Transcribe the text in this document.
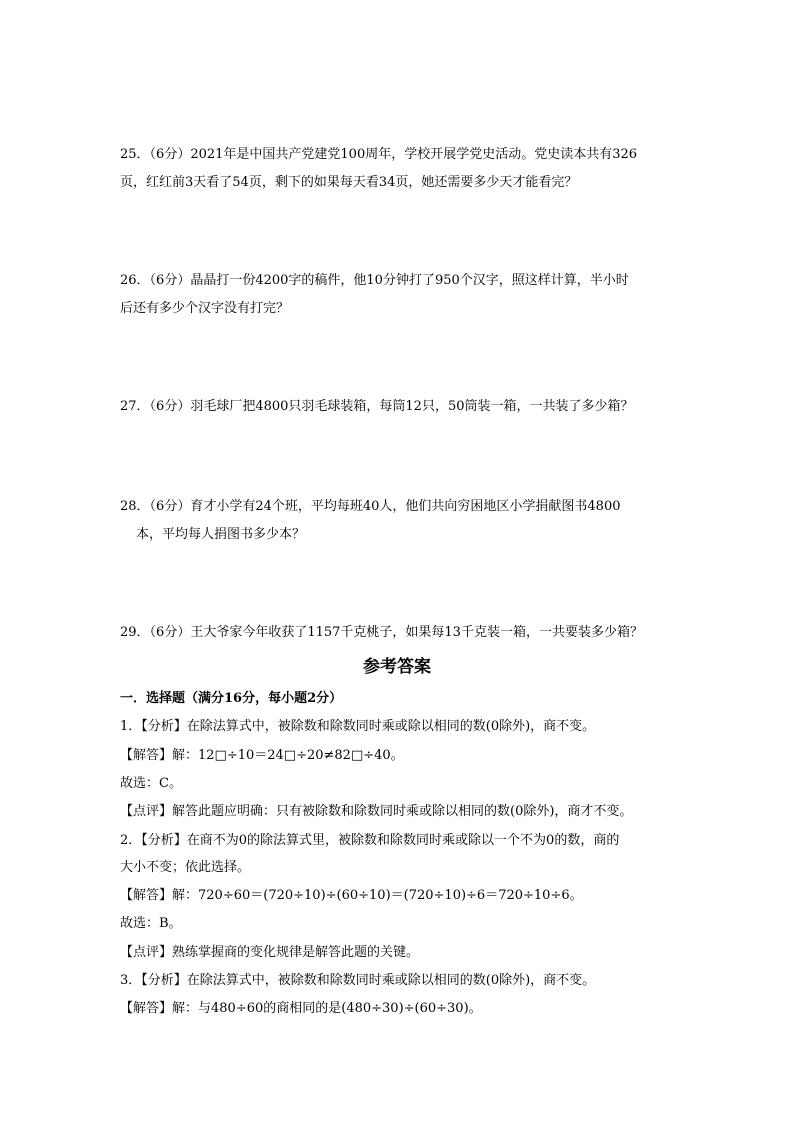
25．（6分）2021年是中国共产党建党100周年，学校开展学党史活动。党史读本共有326
页，红红前3天看了54页，剩下的如果每天看34页，她还需要多少天才能看完？
26．（6分）晶晶打一份4200字的稿件，他10分钟打了950个汉字，照这样计算，半小时
后还有多少个汉字没有打完？
27．（6分）羽毛球厂把4800只羽毛球装箱，每筒12只，50筒装一箱，一共装了多少箱？
28．（6分）育才小学有24个班，平均每班40人，他们共向穷困地区小学捐献图书4800
本，平均每人捐图书多少本？
29．（6分）王大爷家今年收获了1157千克桃子，如果每13千克装一箱，一共要装多少箱？
参考答案
一．选择题（满分16分，每小题2分）
1．【分析】在除法算式中，被除数和除数同时乘或除以相同的数(0除外)，商不变。
【解答】解：12□÷10＝24□÷20≠82□÷40。
故选：C。
【点评】解答此题应明确：只有被除数和除数同时乘或除以相同的数(0除外)，商才不变。
2．【分析】在商不为0的除法算式里，被除数和除数同时乘或除以一个不为0的数，商的
大小不变；依此选择。
【解答】解：720÷60＝(720÷10)÷(60÷10)＝(720÷10)÷6＝720÷10÷6。
故选：B。
【点评】熟练掌握商的变化规律是解答此题的关键。
3．【分析】在除法算式中，被除数和除数同时乘或除以相同的数(0除外)，商不变。
【解答】解：与480÷60的商相同的是(480÷30)÷(60÷30)。
